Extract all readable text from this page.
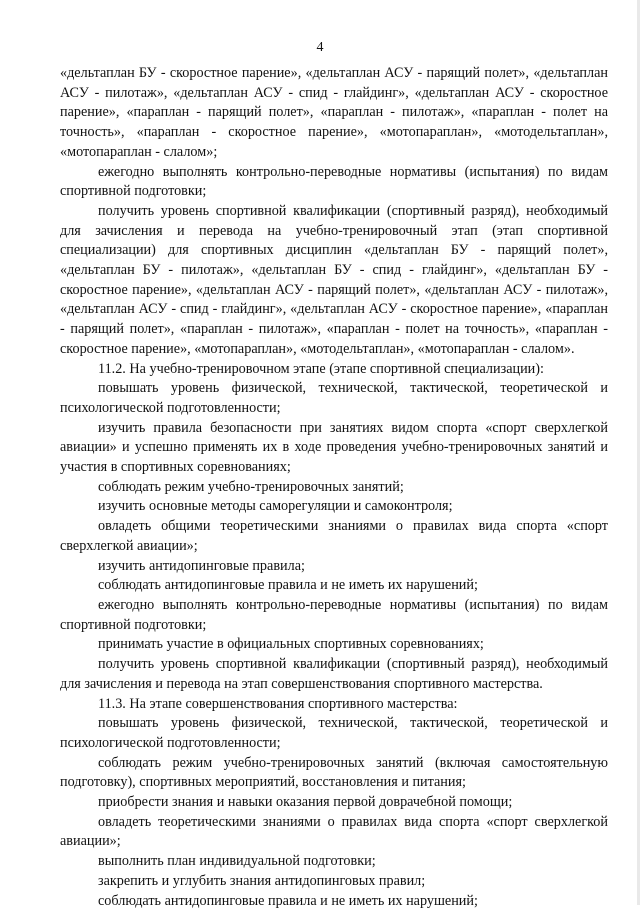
4

«дельтаплан БУ - скоростное парение», «дельтаплан АСУ - парящий полет», «дельтаплан АСУ - пилотаж», «дельтаплан АСУ - спид - глайдинг», «дельтаплан АСУ - скоростное парение», «параплан - парящий полет», «параплан - пилотаж», «параплан - полет на точность», «параплан - скоростное парение», «мотопараплан», «мотодельтаплан», «мотопараплан - слалом»;

ежегодно выполнять контрольно-переводные нормативы (испытания) по видам спортивной подготовки;

получить уровень спортивной квалификации (спортивный разряд), необходимый для зачисления и перевода на учебно-тренировочный этап (этап спортивной специализации) для спортивных дисциплин «дельтаплан БУ - парящий полет», «дельтаплан БУ - пилотаж», «дельтаплан БУ - спид - глайдинг», «дельтаплан БУ - скоростное парение», «дельтаплан АСУ - парящий полет», «дельтаплан АСУ - пилотаж», «дельтаплан АСУ - спид - глайдинг», «дельтаплан АСУ - скоростное парение», «параплан - парящий полет», «параплан - пилотаж», «параплан - полет на точность», «параплан - скоростное парение», «мотопараплан», «мотодельтаплан», «мотопараплан - слалом».

11.2. На учебно-тренировочном этапе (этапе спортивной специализации):

повышать уровень физической, технической, тактической, теоретической и психологической подготовленности;

изучить правила безопасности при занятиях видом спорта «спорт сверхлегкой авиации» и успешно применять их в ходе проведения учебно-тренировочных занятий и участия в спортивных соревнованиях;

соблюдать режим учебно-тренировочных занятий;

изучить основные методы саморегуляции и самоконтроля;

овладеть общими теоретическими знаниями о правилах вида спорта «спорт сверхлегкой авиации»;

изучить антидопинговые правила;

соблюдать антидопинговые правила и не иметь их нарушений;

ежегодно выполнять контрольно-переводные нормативы (испытания) по видам спортивной подготовки;

принимать участие в официальных спортивных соревнованиях;

получить уровень спортивной квалификации (спортивный разряд), необходимый для зачисления и перевода на этап совершенствования спортивного мастерства.

11.3. На этапе совершенствования спортивного мастерства:

повышать уровень физической, технической, тактической, теоретической и психологической подготовленности;

соблюдать режим учебно-тренировочных занятий (включая самостоятельную подготовку), спортивных мероприятий, восстановления и питания;

приобрести знания и навыки оказания первой доврачебной помощи;

овладеть теоретическими знаниями о правилах вида спорта «спорт сверхлегкой авиации»;

выполнить план индивидуальной подготовки;

закрепить и углубить знания антидопинговых правил;

соблюдать антидопинговые правила и не иметь их нарушений;
